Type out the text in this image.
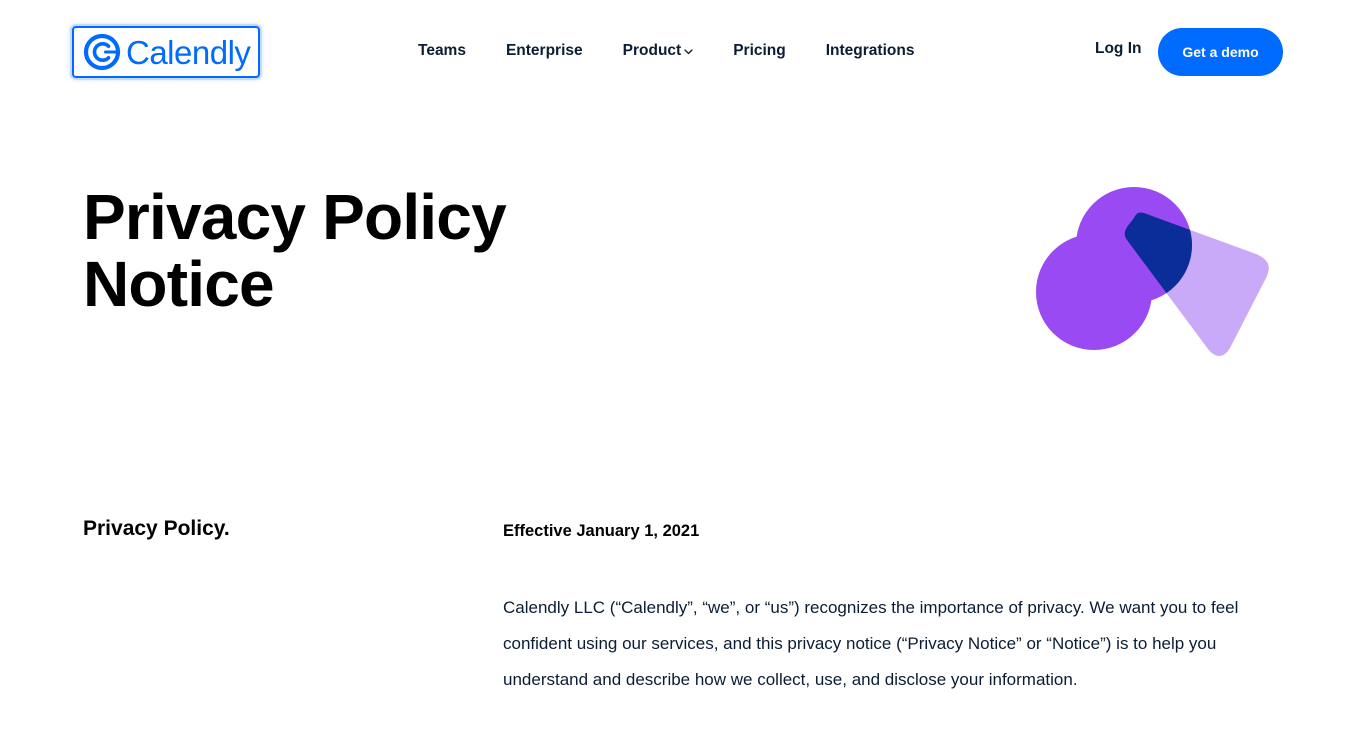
Calendly	Teams	Enterprise	Product	Pricing	Integrations	Log In	Get a demo
Privacy Policy
Notice
Privacy Policy.	Effective January 1, 2021

Calendly LLC (“Calendly”, “we”, or “us”) recognizes the importance of privacy. We want you to feel confident using our services, and this privacy notice (“Privacy Notice” or “Notice”) is to help you understand and describe how we collect, use, and disclose your information.
